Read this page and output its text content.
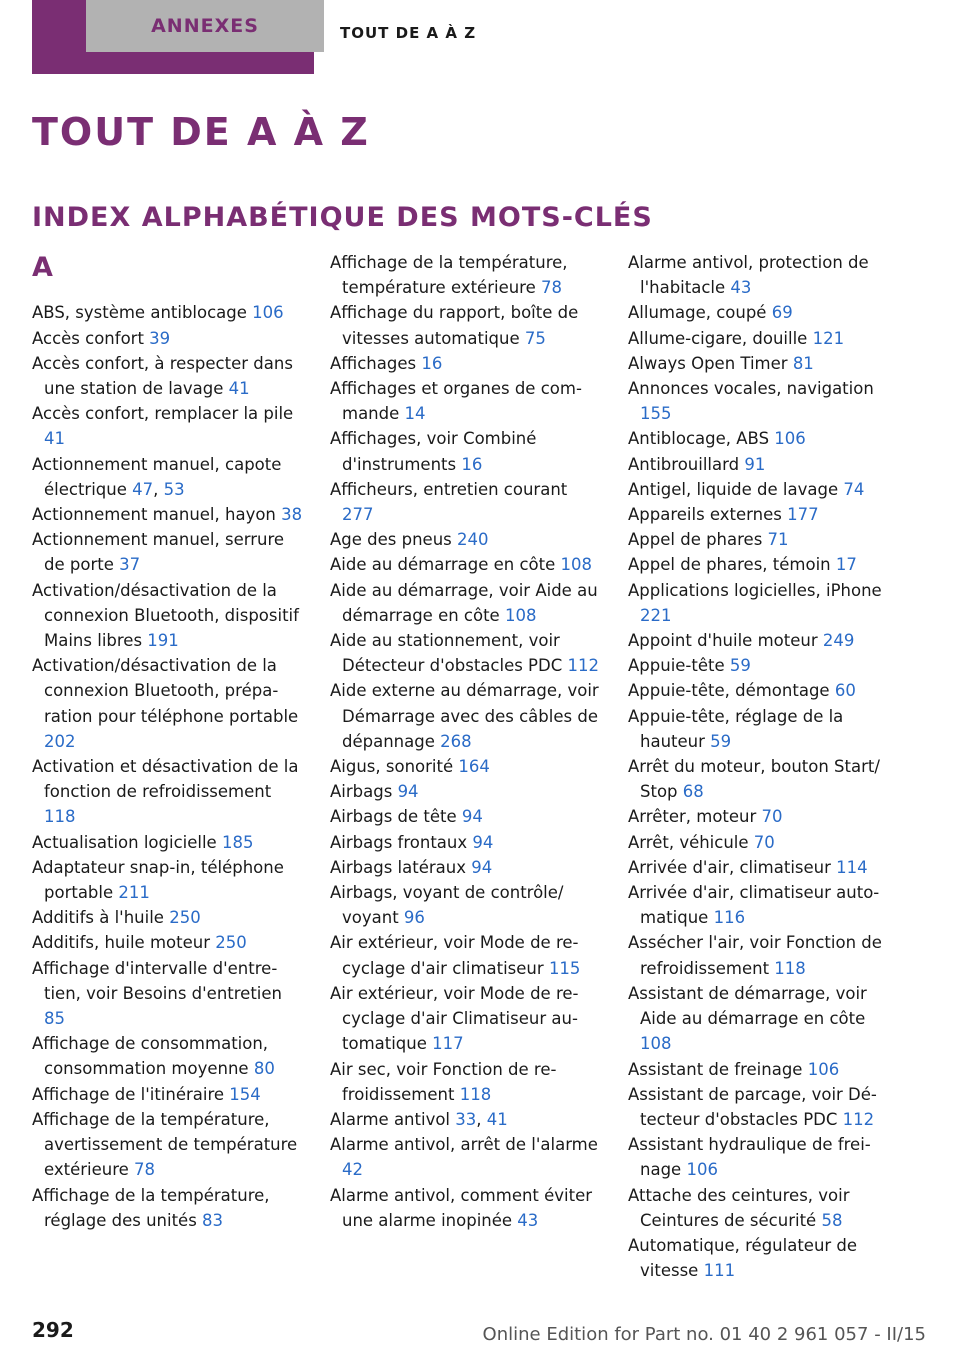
ANNEXES	TOUT DE A À Z
TOUT DE A À Z
INDEX ALPHABÉTIQUE DES MOTS-CLÉS
A
ABS, système antiblocage 106
Accès confort 39
Accès confort, à respecter dans une station de lavage 41
Accès confort, remplacer la pile 41
Actionnement manuel, capote électrique 47, 53
Actionnement manuel, hayon 38
Actionnement manuel, serrure de porte 37
Activation/désactivation de la connexion Bluetooth, dispositif Mains libres 191
Activation/désactivation de la connexion Bluetooth, préparation pour téléphone portable 202
Activation et désactivation de la fonction de refroidissement 118
Actualisation logicielle 185
Adaptateur snap-in, téléphone portable 211
Additifs à l'huile 250
Additifs, huile moteur 250
Affichage d'intervalle d'entretien, voir Besoins d'entretien 85
Affichage de consommation, consommation moyenne 80
Affichage de l'itinéraire 154
Affichage de la température, avertissement de température extérieure 78
Affichage de la température, réglage des unités 83
Affichage de la température, température extérieure 78
Affichage du rapport, boîte de vitesses automatique 75
Affichages 16
Affichages et organes de commande 14
Affichages, voir Combiné d'instruments 16
Afficheurs, entretien courant 277
Age des pneus 240
Aide au démarrage en côte 108
Aide au démarrage, voir Aide au démarrage en côte 108
Aide au stationnement, voir Détecteur d'obstacles PDC 112
Aide externe au démarrage, voir Démarrage avec des câbles de dépannage 268
Aigus, sonorité 164
Airbags 94
Airbags de tête 94
Airbags frontaux 94
Airbags latéraux 94
Airbags, voyant de contrôle/ voyant 96
Air extérieur, voir Mode de recyclage d'air climatiseur 115
Air extérieur, voir Mode de recyclage d'air Climatiseur automatique 117
Air sec, voir Fonction de refroidissement 118
Alarme antivol 33, 41
Alarme antivol, arrêt de l'alarme 42
Alarme antivol, comment éviter une alarme inopinée 43
Alarme antivol, protection de l'habitacle 43
Allumage, coupé 69
Allume-cigare, douille 121
Always Open Timer 81
Annonces vocales, navigation 155
Antiblocage, ABS 106
Antibrouillard 91
Antigel, liquide de lavage 74
Appareils externes 177
Appel de phares 71
Appel de phares, témoin 17
Applications logicielles, iPhone 221
Appoint d'huile moteur 249
Appuie-tête 59
Appuie-tête, démontage 60
Appuie-tête, réglage de la hauteur 59
Arrêt du moteur, bouton Start/ Stop 68
Arrêter, moteur 70
Arrêt, véhicule 70
Arrivée d'air, climatiseur 114
Arrivée d'air, climatiseur automatique 116
Assécher l'air, voir Fonction de refroidissement 118
Assistant de démarrage, voir Aide au démarrage en côte 108
Assistant de freinage 106
Assistant de parcage, voir Détecteur d'obstacles PDC 112
Assistant hydraulique de freinage 106
Attache des ceintures, voir Ceintures de sécurité 58
Automatique, régulateur de vitesse 111
292	Online Edition for Part no. 01 40 2 961 057 - II/15
